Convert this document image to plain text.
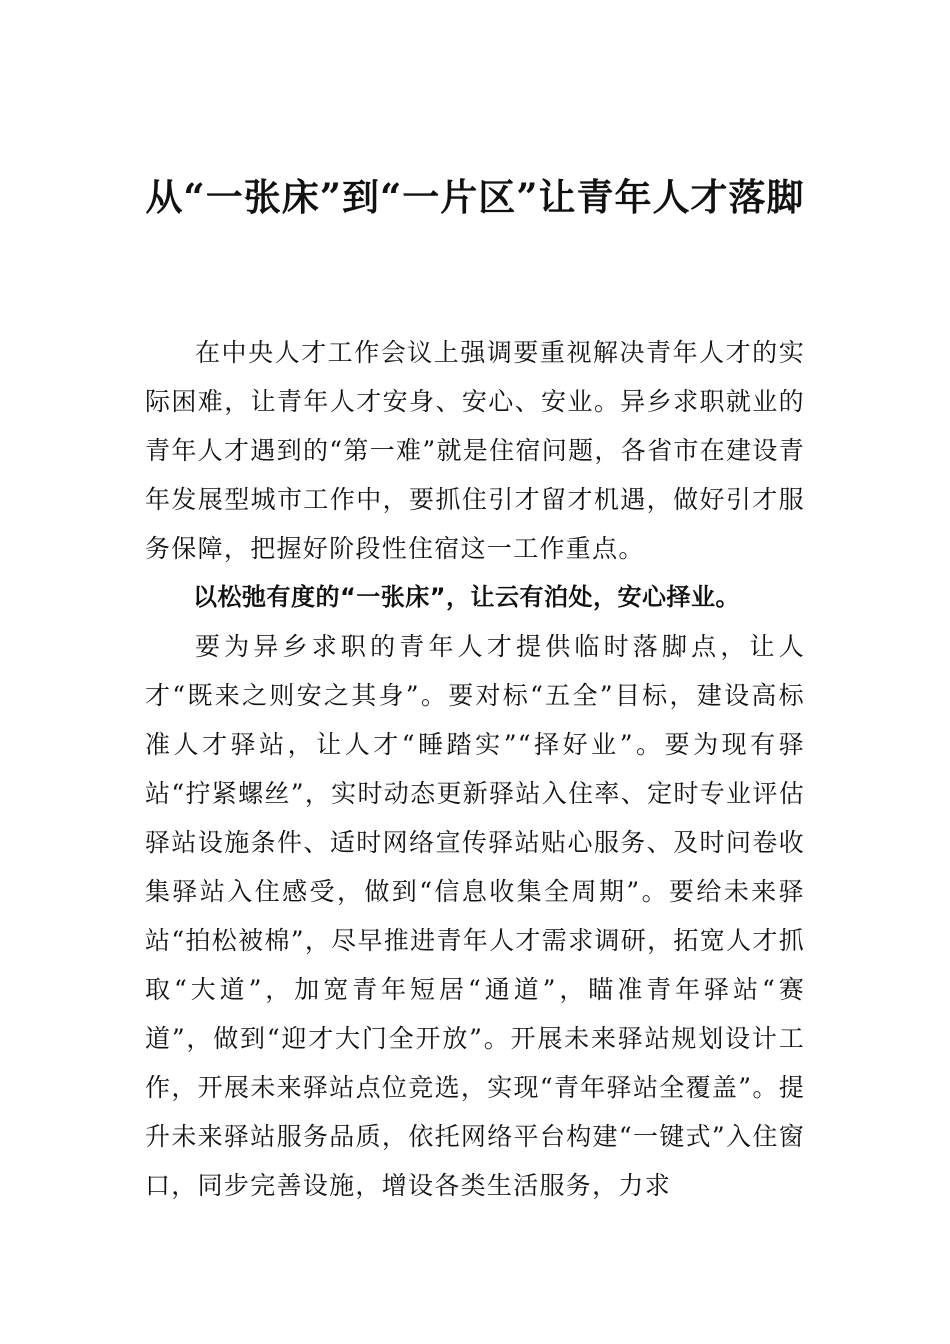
从“一张床”到“一片区”让青年人才落脚

在中央人才工作会议上强调要重视解决青年人才的实际困难，让青年人才安身、安心、安业。异乡求职就业的青年人才遇到的“第一难”就是住宿问题，各省市在建设青年发展型城市工作中，要抓住引才留才机遇，做好引才服务保障，把握好阶段性住宿这一工作重点。

以松弛有度的“一张床”，让云有泊处，安心择业。

要为异乡求职的青年人才提供临时落脚点，让人才“既来之则安之其身”。要对标“五全”目标，建设高标准人才驿站，让人才“睡踏实”“择好业”。要为现有驿站“拧紧螺丝”，实时动态更新驿站入住率、定时专业评估驿站设施条件、适时网络宣传驿站贴心服务、及时问卷收集驿站入住感受，做到“信息收集全周期”。要给未来驿站“拍松被棉”，尽早推进青年人才需求调研，拓宽人才抓取“大道”，加宽青年短居“通道”，瞄准青年驿站“赛道”，做到“迎才大门全开放”。开展未来驿站规划设计工作，开展未来驿站点位竞选，实现“青年驿站全覆盖”。提升未来驿站服务品质，依托网络平台构建“一键式”入住窗口，同步完善设施，增设各类生活服务，力求
